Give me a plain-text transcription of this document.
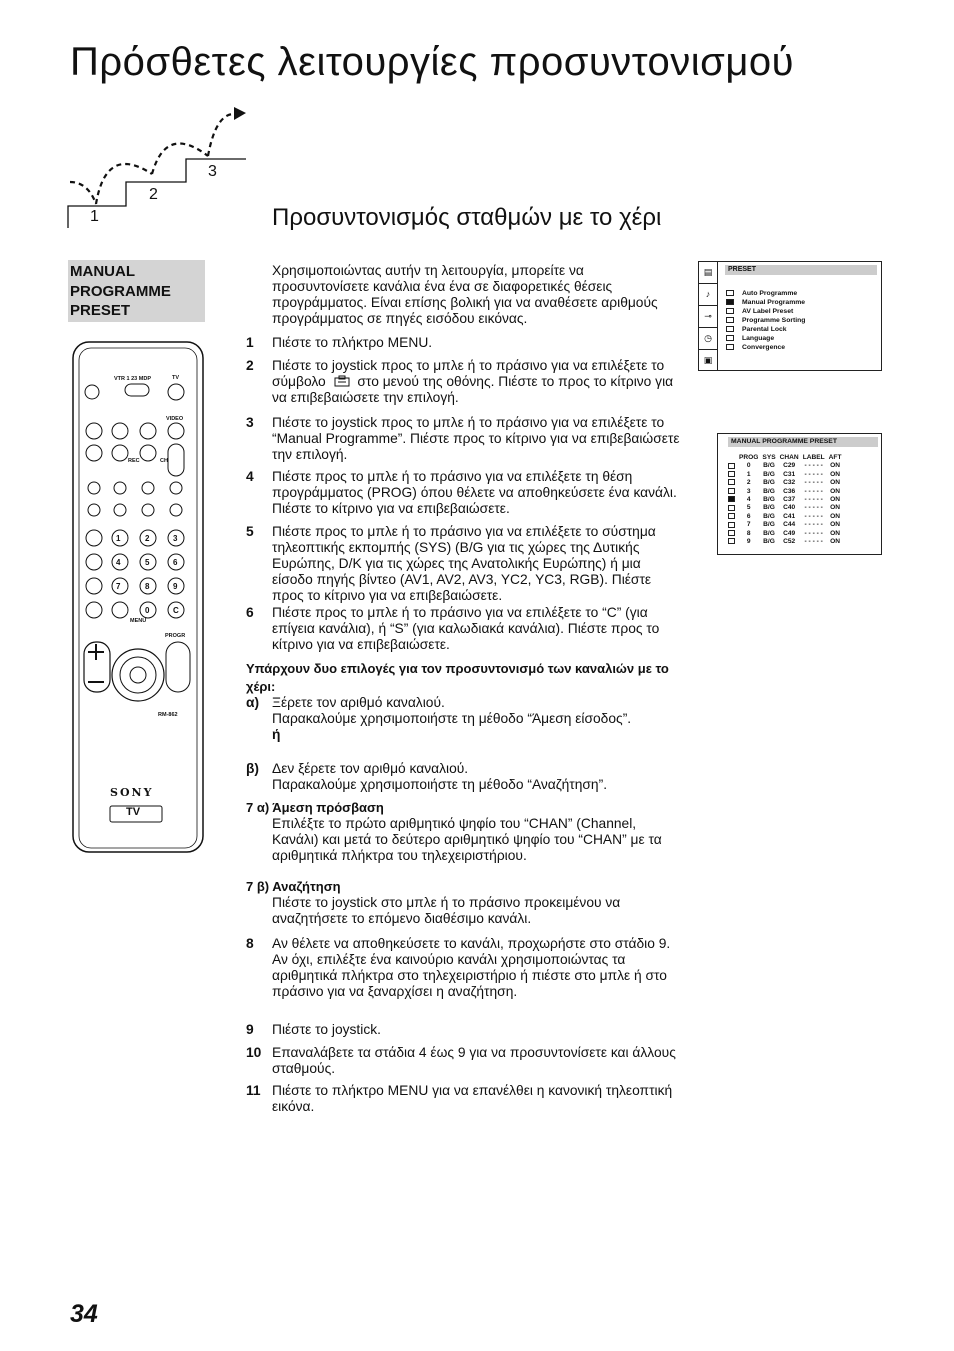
Πρόσθετες λειτουργίες προσυντονισμού
1
2
3
Προσυντονισμός σταθμών με το χέρι
MANUAL
PROGRAMME
PRESET
Χρησιμοποιώντας αυτήν τη λειτουργία, μπορείτε να προσυντονίσετε κανάλια ένα ένα σε διαφορετικές θέσεις προγράμματος. Είναι επίσης βολική για να αναθέσετε αριθμούς προγράμματος σε πηγές εισόδου εικόνας.
1 Πιέστε το πλήκτρο MENU.
2 Πιέστε το joystick προς το μπλε ή το πράσινο για να επιλέξετε το σύμβολο στο μενού της οθόνης. Πιέστε το προς το κίτρινο για να επιβεβαιώσετε την επιλογή.
3 Πιέστε το joystick προς το μπλε ή το πράσινο για να επιλέξετε το “Manual Programme”. Πιέστε προς το κίτρινο για να επιβεβαιώσετε την επιλογή.
4 Πιέστε προς το μπλε ή το πράσινο για να επιλέξετε τη θέση προγράμματος (PROG) όπου θέλετε να αποθηκεύσετε ένα κανάλι. Πιέστε το κίτρινο για να επιβεβαιώσετε.
5 Πιέστε προς το μπλε ή το πράσινο για να επιλέξετε το σύστημα τηλεοπτικής εκπομπής (SYS) (B/G για τις χώρες της Δυτικής Ευρώπης, D/K για τις χώρες της Ανατολικής Ευρώπης) ή μια είσοδο πηγής βίντεο (AV1, AV2, AV3, YC2, YC3, RGB). Πιέστε προς το κίτρινο για να επιβεβαιώσετε.
6 Πιέστε προς το μπλε ή το πράσινο για να επιλέξετε το “C” (για επίγεια κανάλια), ή “S” (για καλωδιακά κανάλια). Πιέστε προς το κίτρινο για να επιβεβαιώσετε.
Υπάρχουν δυο επιλογές για τον προσυντονισμό των καναλιών με το χέρι:
α) Ξέρετε τον αριθμό καναλιού.
Παρακαλούμε χρησιμοποιήστε τη μέθοδο “Άμεση είσοδος”.
ή
β) Δεν ξέρετε τον αριθμό καναλιού.
Παρακαλούμε χρησιμοποιήστε τη μέθοδο “Αναζήτηση”.
7 α) Άμεση πρόσβαση
Επιλέξτε το πρώτο αριθμητικό ψηφίο του “CHAN” (Channel, Κανάλι) και μετά το δεύτερο αριθμητικό ψηφίο του “CHAN” με τα αριθμητικά πλήκτρα του τηλεχειριστήριου.
7 β) Αναζήτηση
Πιέστε το joystick στο μπλε ή το πράσινο προκειμένου να αναζητήσετε το επόμενο διαθέσιμο κανάλι.
8 Αν θέλετε να αποθηκεύσετε το κανάλι, προχωρήστε στο στάδιο 9. Αν όχι, επιλέξτε ένα καινούριο κανάλι χρησιμοποιώντας τα αριθμητικά πλήκτρα στο τηλεχειριστήριο ή πιέστε στο μπλε ή στο πράσινο για να ξαναρχίσει η αναζήτηση.
9 Πιέστε το joystick.
10 Επαναλάβετε τα στάδια 4 έως 9 για να προσυντονίσετε και άλλους σταθμούς.
11 Πιέστε το πλήκτρο MENU για να επανέλθει η κανονική τηλεοπτική εικόνα.
▤
♪
⊸
◷
▣
PRESET
Auto Programme
Manual Programme
AV Label Preset
Programme Sorting
Parental Lock
Language
Convergence
MANUAL PROGRAMME PRESET
	PROG	SYS	CHAN	LABEL	AFT
	0	B/G	C29	- - - - -	ON
	1	B/G	C31	- - - - -	ON
	2	B/G	C32	- - - - -	ON
	3	B/G	C36	- - - - -	ON
	4	B/G	C37	- - - - -	ON
	5	B/G	C40	- - - - -	ON
	6	B/G	C41	- - - - -	ON
	7	B/G	C44	- - - - -	ON
	8	B/G	C49	- - - - -	ON
	9	B/G	C52	- - - - -	ON
VTR 1 23 MDP	TV
VIDEO
REC	CH
MENU
PROGR
RM-862
SONY
TV
1	2	3
4	5	6
7	8	9
0	C
34
